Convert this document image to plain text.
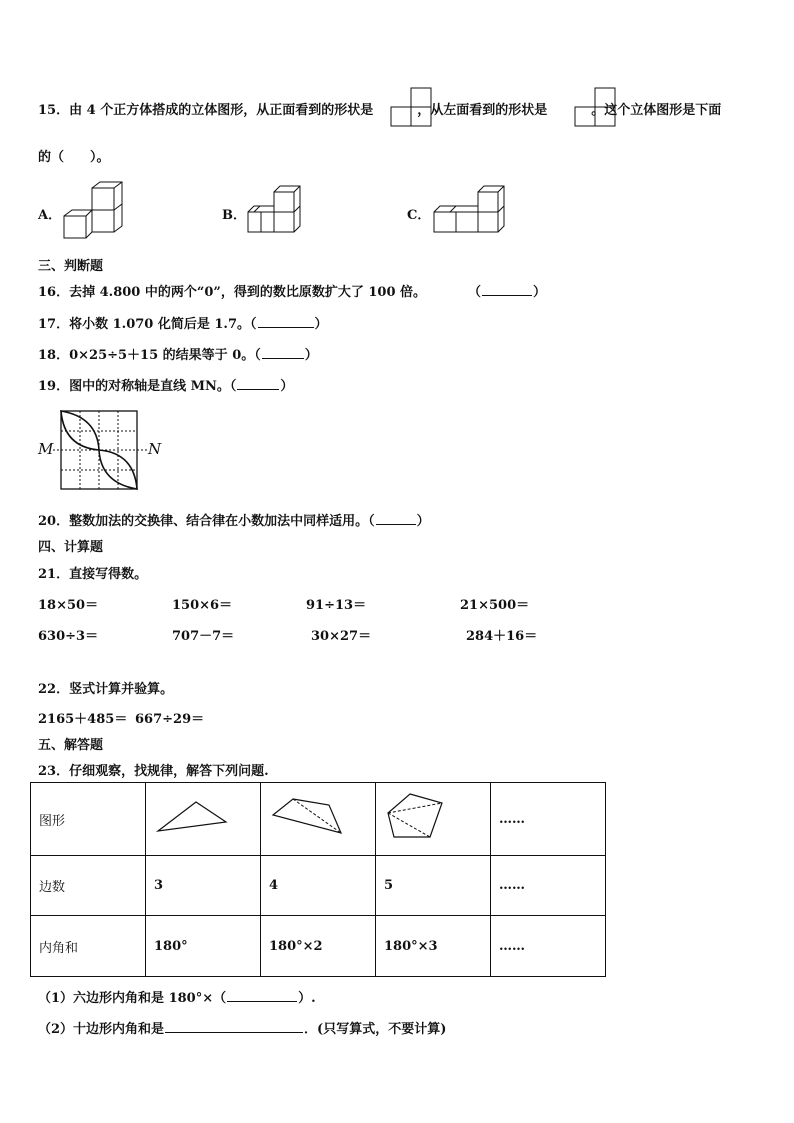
15．由 4 个正方体搭成的立体图形，从正面看到的形状是	，从左面看到的形状是	。这个立体图形是下面
的（　　）。
A．	B．	C．
三、判断题
16．去掉 4.800 中的两个“0”，得到的数比原数扩大了 100 倍。	（	）
17．将小数 1.070 化简后是 1.7。（	）
18．0×25÷5＋15 的结果等于 0。（	）
19．图中的对称轴是直线 MN。（	）
M	N
20．整数加法的交换律、结合律在小数加法中同样适用。（	）
四、计算题
21．直接写得数。
18×50＝	150×6＝	91÷13＝	21×500＝
630÷3＝	707－7＝	30×27＝	284＋16＝
22．竖式计算并验算。
2165＋485＝ 667÷29＝
五、解答题
23．仔细观察，找规律，解答下列问题.
图形				……
边数	3	4	5	……
内角和	180°	180°×2	180°×3	……
（1）六边形内角和是 180°×（	）.
（2）十边形内角和是	．(只写算式，不要计算)
